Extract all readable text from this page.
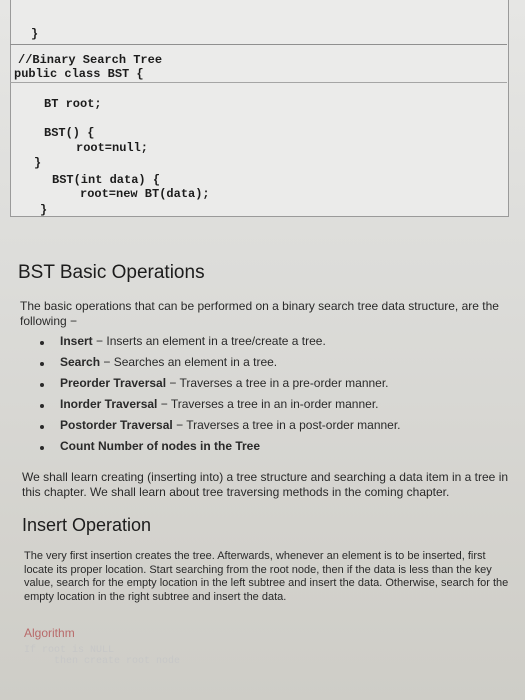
}
//Binary Search Tree
public class BST {
BT root;
BST() {
root=null;
}
BST(int data) {
root=new BT(data);
}
BST Basic Operations

The basic operations that can be performed on a binary search tree data structure, are the following −

Insert − Inserts an element in a tree/create a tree.
Search − Searches an element in a tree.
Preorder Traversal − Traverses a tree in a pre-order manner.
Inorder Traversal − Traverses a tree in an in-order manner.
Postorder Traversal − Traverses a tree in a post-order manner.
Count Number of nodes in the Tree

We shall learn creating (inserting into) a tree structure and searching a data item in a tree in this chapter. We shall learn about tree traversing methods in the coming chapter.

Insert Operation

The very first insertion creates the tree. Afterwards, whenever an element is to be inserted, first locate its proper location. Start searching from the root node, then if the data is less than the key value, search for the empty location in the left subtree and insert the data. Otherwise, search for the empty location in the right subtree and insert the data.

Algorithm
If root is NULL
then create root node
